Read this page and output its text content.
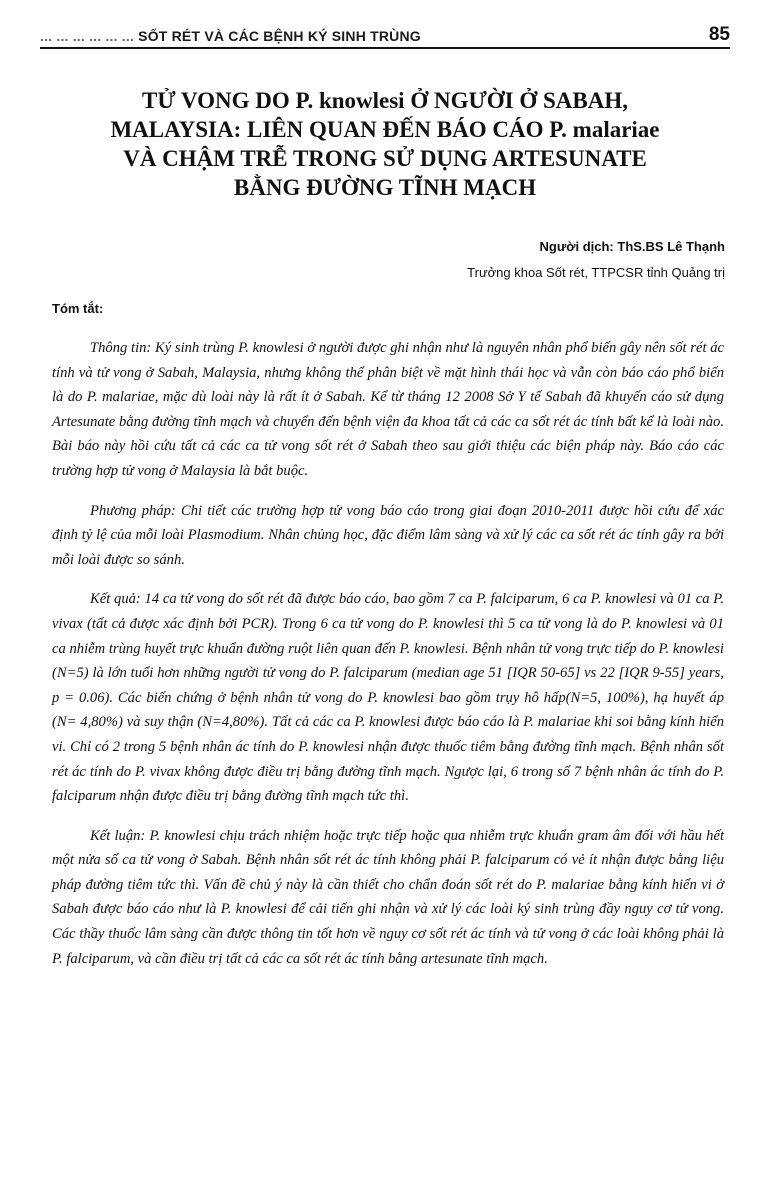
... ... ... ... ... ... SỐT RÉT VÀ CÁC BỆNH KÝ SINH TRÙNG	85
TỬ VONG DO P. knowlesi Ở NGƯỜI Ở SABAH,
MALAYSIA: LIÊN QUAN ĐẾN BÁO CÁO P. malariae
VÀ CHẬM TRỄ TRONG SỬ DỤNG ARTESUNATE
BẰNG ĐƯỜNG TĨNH MẠCH
Người dịch: ThS.BS Lê Thạnh
Trưởng khoa Sốt rét, TTPCSR tỉnh Quảng trị
Tóm tắt:

Thông tin: Ký sinh trùng P. knowlesi ở người được ghi nhận như là nguyên nhân phổ biến gây nên sốt rét ác tính và tử vong ở Sabah, Malaysia, nhưng không thể phân biệt về mặt hình thái học và vẫn còn báo cáo phổ biến là do P. malariae, mặc dù loài này là rất ít ở Sabah. Kể từ tháng 12 2008 Sở Y tế Sabah đã khuyến cáo sử dụng Artesunate bằng đường tĩnh mạch và chuyển đến bệnh viện đa khoa tất cả các ca sốt rét ác tính bất kể là loài nào. Bài báo này hồi cứu tất cả các ca tử vong sốt rét ở Sabah theo sau giới thiệu các biện pháp này. Báo cáo các trường hợp tử vong ở Malaysia là bắt buộc.

Phương pháp: Chi tiết các trường hợp tử vong báo cáo trong giai đoạn 2010-2011 được hồi cứu để xác định tỷ lệ của mỗi loài Plasmodium. Nhân chủng học, đặc điểm lâm sàng và xử lý các ca sốt rét ác tính gây ra bởi mỗi loài được so sánh.

Kết quả: 14 ca tử vong do sốt rét đã được báo cáo, bao gồm 7 ca P. falciparum, 6 ca P. knowlesi và 01 ca P. vivax (tất cả được xác định bởi PCR). Trong 6 ca tử vong do P. knowlesi thì 5 ca tử vong là do P. knowlesi và 01 ca nhiễm trùng huyết trực khuẩn đường ruột liên quan đến P. knowlesi. Bệnh nhân tử vong trực tiếp do P. knowlesi (N=5) là lớn tuổi hơn những người tử vong do P. falciparum (median age 51 [IQR 50-65] vs 22 [IQR 9-55] years, p = 0.06). Các biến chứng ở bệnh nhân tử vong do P. knowlesi bao gồm trụy hô hấp(N=5, 100%), hạ huyết áp (N= 4,80%) và suy thận (N=4,80%). Tất cả các ca P. knowlesi được báo cáo là P. malariae khi soi bằng kính hiển vi. Chỉ có 2 trong 5 bệnh nhân ác tính do P. knowlesi nhận được thuốc tiêm bằng đường tĩnh mạch. Bệnh nhân sốt rét ác tính do P. vivax không được điều trị bằng đường tĩnh mạch. Ngược lại, 6 trong số 7 bệnh nhân ác tính do P. falciparum nhận được điều trị bằng đường tĩnh mạch tức thì.

Kết luận: P. knowlesi chịu trách nhiệm hoặc trực tiếp hoặc qua nhiễm trực khuẩn gram âm đối với hầu hết một nửa số ca tử vong ở Sabah. Bệnh nhân sốt rét ác tính không phải P. falciparum có vẻ ít nhận được bằng liệu pháp đường tiêm tức thì. Vấn đề chủ ý này là cần thiết cho chẩn đoán sốt rét do P. malariae bằng kính hiển vi ở Sabah được báo cáo như là P. knowlesi để cải tiến ghi nhận và xử lý các loài ký sinh trùng đầy nguy cơ tử vong. Các thầy thuốc lâm sàng cần được thông tin tốt hơn về nguy cơ sốt rét ác tính và tử vong ở các loài không phải là P. falciparum, và cần điều trị tất cả các ca sốt rét ác tính bằng artesunate tĩnh mạch.
